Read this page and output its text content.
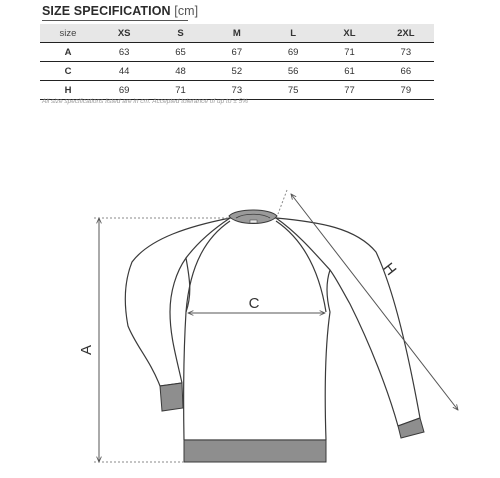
SIZE SPECIFICATION [cm]
size	XS	S	M	L	XL	2XL
A	63	65	67	69	71	73
C	44	48	52	56	61	66
H	69	71	73	75	77	79
All size specifications listed are in cm. Accepted tolerance of up to ± 5%
A
C
H
